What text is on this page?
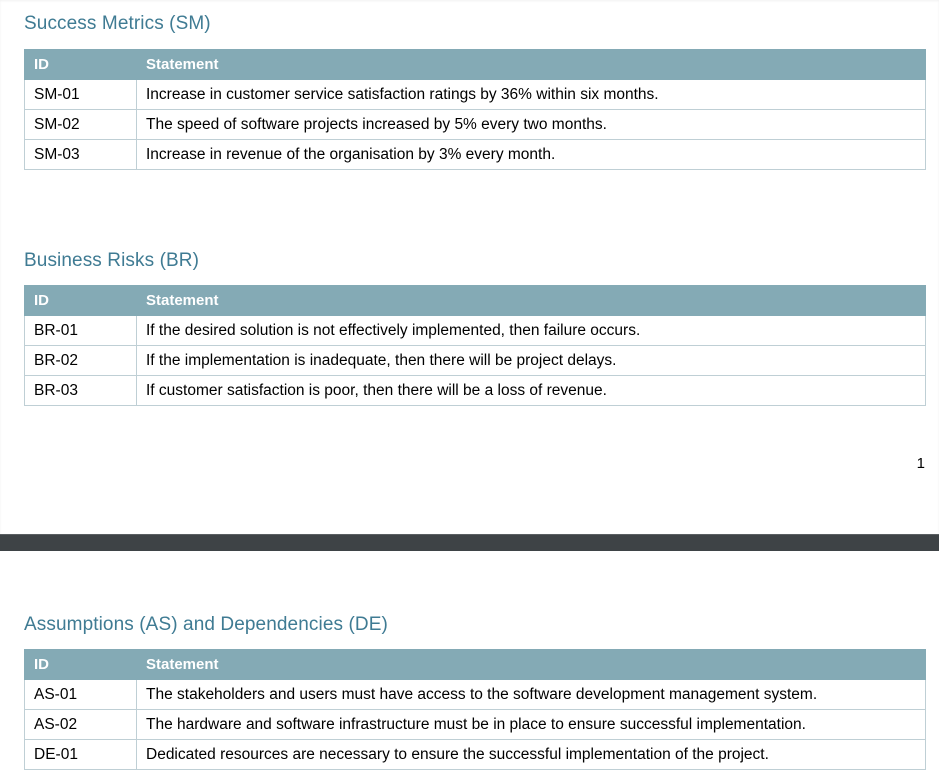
Success Metrics (SM)
ID	Statement
SM-01	Increase in customer service satisfaction ratings by 36% within six months.
SM-02	The speed of software projects increased by 5% every two months.
SM-03	Increase in revenue of the organisation by 3% every month.
Business Risks (BR)
ID	Statement
BR-01	If the desired solution is not effectively implemented, then failure occurs.
BR-02	If the implementation is inadequate, then there will be project delays.
BR-03	If customer satisfaction is poor, then there will be a loss of revenue.
1
Assumptions (AS) and Dependencies (DE)
ID	Statement
AS-01	The stakeholders and users must have access to the software development management system.
AS-02	The hardware and software infrastructure must be in place to ensure successful implementation.
DE-01	Dedicated resources are necessary to ensure the successful implementation of the project.
